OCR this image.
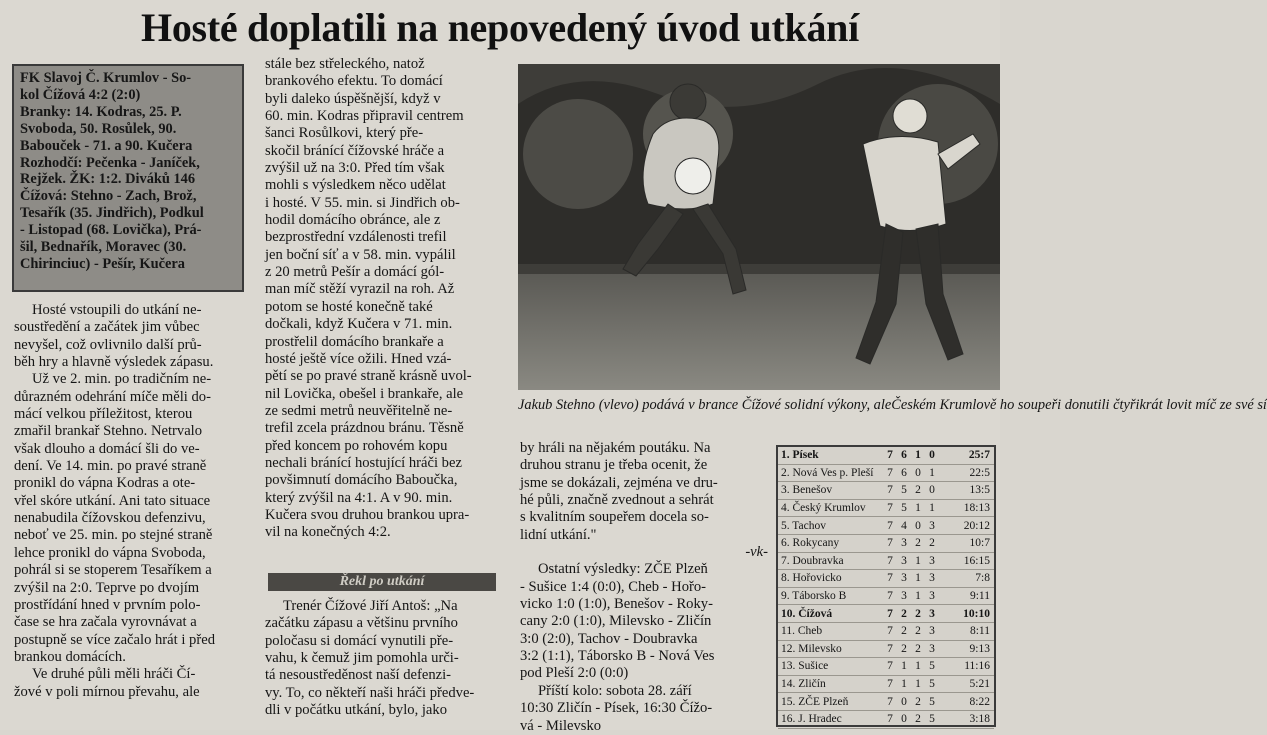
Hosté doplatili na nepovedený úvod utkání
FK Slavoj Č. Krumlov - So-
kol Čížová 4:2 (2:0)
Branky: 14. Kodras, 25. P.
Svoboda, 50. Rosůlek, 90.
Babouček - 71. a 90. Kučera
Rozhodčí: Pečenka - Janíček,
Rejžek. ŽK: 1:2. Diváků 146
Čížová: Stehno - Zach, Brož,
Tesařík (35. Jindřich), Podkul
- Listopad (68. Lovička), Prá-
šil, Bednařík, Moravec (30.
Chirinciuc) - Pešír, Kučera
Hosté vstoupili do utkání ne-
soustředění a začátek jim vůbec
nevyšel, což ovlivnilo další prů-
běh hry a hlavně výsledek zápasu.
Už ve 2. min. po tradičním ne-
důrazném odehrání míče měli do-
mácí velkou příležitost, kterou
zmařil brankař Stehno. Netrvalo
však dlouho a domácí šli do ve-
dení. Ve 14. min. po pravé straně
pronikl do vápna Kodras a ote-
vřel skóre utkání. Ani tato situace
nenabudila čížovskou defenzivu,
neboť ve 25. min. po stejné straně
lehce pronikl do vápna Svoboda,
pohrál si se stoperem Tesaříkem a
zvýšil na 2:0. Teprve po dvojím
prostřídání hned v prvním polo-
čase se hra začala vyrovnávat a
postupně se více začalo hrát i před
brankou domácích.
Ve druhé půli měli hráči Čí-
žové v poli mírnou převahu, ale
stále bez střeleckého, natož
brankového efektu. To domácí
byli daleko úspěšnější, když v
60. min. Kodras připravil centrem
šanci Rosůlkovi, který pře-
skočil bránící čížovské hráče a
zvýšil už na 3:0. Před tím však
mohli s výsledkem něco udělat
i hosté. V 55. min. si Jindřich ob-
hodil domácího obránce, ale z
bezprostřední vzdálenosti trefil
jen boční síť a v 58. min. vypálil
z 20 metrů Pešír a domácí gól-
man míč stěží vyrazil na roh. Až
potom se hosté konečně také
dočkali, když Kučera v 71. min.
prostřelil domácího brankaře a
hosté ještě více ožili. Hned vzá-
pětí se po pravé straně krásně uvol-
nil Lovička, obešel i brankaře, ale
ze sedmi metrů neuvěřitelně ne-
trefil zcela prázdnou bránu. Těsně
před koncem po rohovém kopu
nechali bránící hostující hráči bez
povšimnutí domácího Baboučka,
který zvýšil na 4:1. A v 90. min.
Kučera svou druhou brankou upra-
vil na konečných 4:2.
Řekl po utkání
Trenér Čížové Jiří Antoš: „Na
začátku zápasu a většinu prvního
poločasu si domácí vynutili pře-
vahu, k čemuž jim pomohla urči-
tá nesoustředěnost naší defenzi-
vy. To, co někteří naši hráči předve-
dli v počátku utkání, bylo, jako
Jakub Stehno (vlevo) podává v brance Čížové solidní výkony, aleČeském Krumlově ho soupeři donutili čtyřikrát lovit míč ze své sí
by hráli na nějakém poutáku. Na
druhou stranu je třeba ocenit, že
jsme se dokázali, zejména ve dru-
hé půli, značně zvednout a sehrát
s kvalitním soupeřem docela so-
lidní utkání."
-vk-
Ostatní výsledky: ZČE Plzeň
- Sušice 1:4 (0:0), Cheb - Hořo-
vicko 1:0 (1:0), Benešov - Roky-
cany 2:0 (1:0), Milevsko - Zličín
3:0 (2:0), Tachov - Doubravka
3:2 (1:1), Táborsko B - Nová Ves
pod Pleší 2:0 (0:0)
Příští kolo: sobota 28. září
10:30 Zličín - Písek, 16:30 Čížo-
vá - Milevsko
1. Písek	7	6	1	0	25:7
2. Nová Ves p. Pleší	7	6	0	1	22:5
3. Benešov	7	5	2	0	13:5
4. Český Krumlov	7	5	1	1	18:13
5. Tachov	7	4	0	3	20:12
6. Rokycany	7	3	2	2	10:7
7. Doubravka	7	3	1	3	16:15
8. Hořovicko	7	3	1	3	7:8
9. Táborsko B	7	3	1	3	9:11
10. Čížová	7	2	2	3	10:10
11. Cheb	7	2	2	3	8:11
12. Milevsko	7	2	2	3	9:13
13. Sušice	7	1	1	5	11:16
14. Zličín	7	1	1	5	5:21
15. ZČE Plzeň	7	0	2	5	8:22
16. J. Hradec	7	0	2	5	3:18
